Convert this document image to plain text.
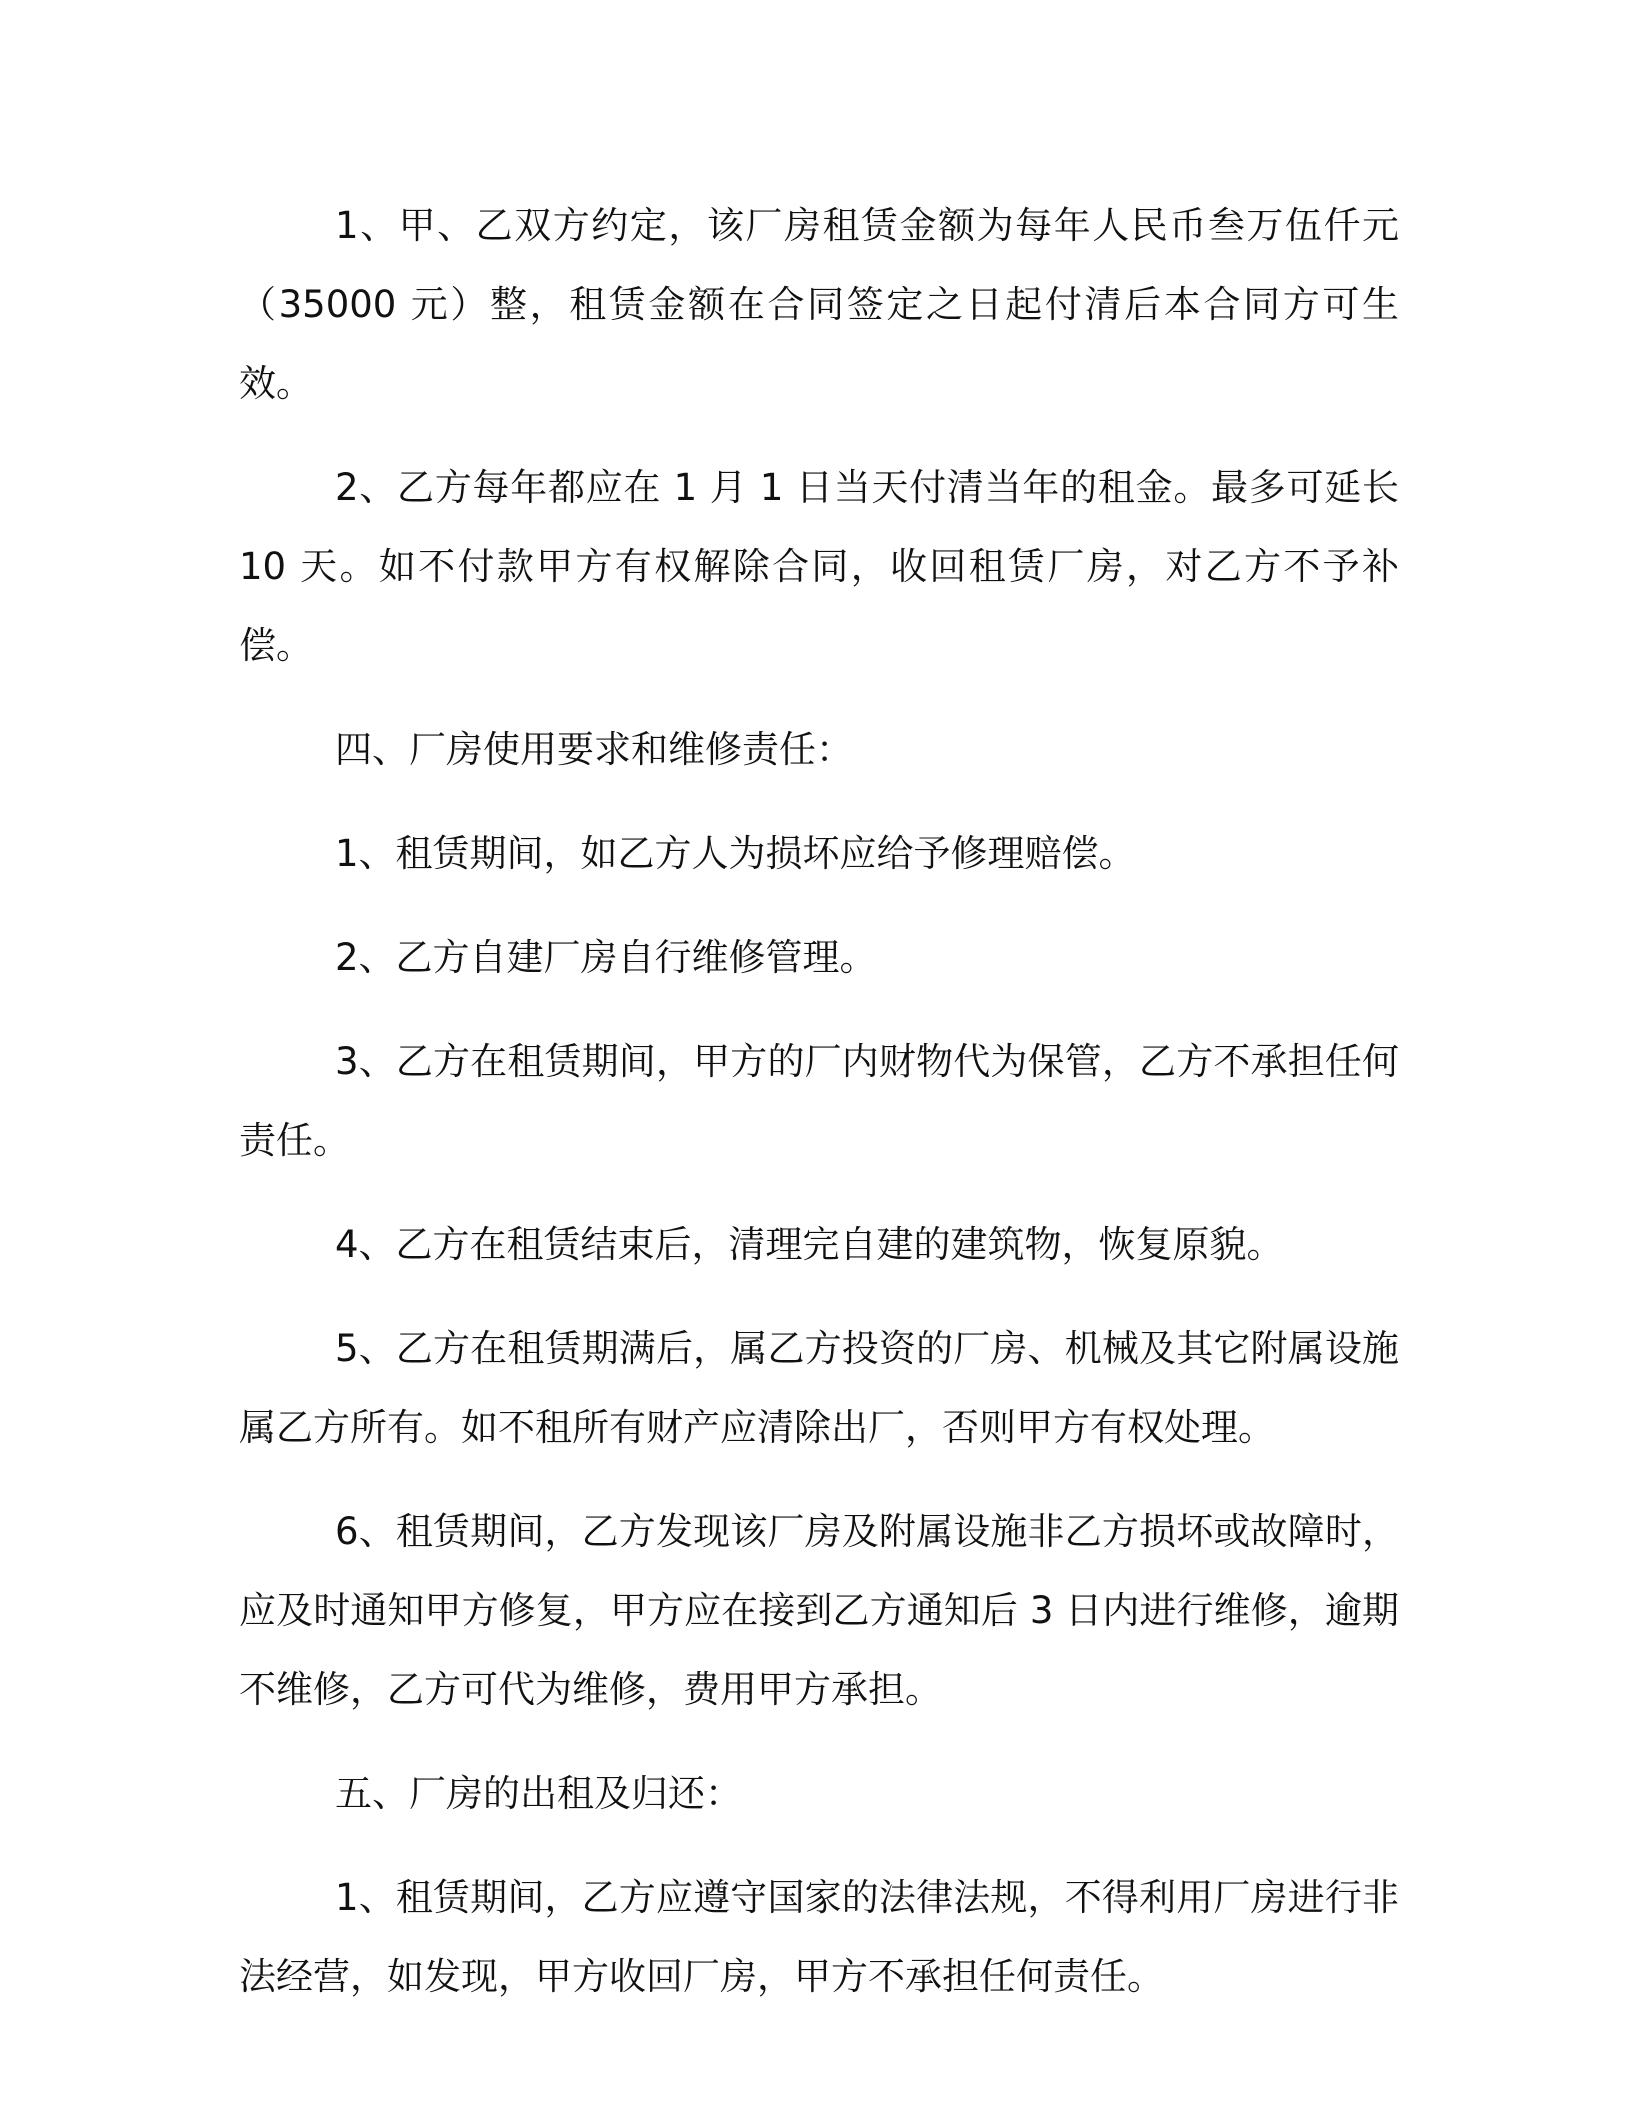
1、甲、乙双方约定，该厂房租赁金额为每年人民币叁万伍仟元（35000 元）整，租赁金额在合同签定之日起付清后本合同方可生效。

2、乙方每年都应在 1 月 1 日当天付清当年的租金。最多可延长 10 天。如不付款甲方有权解除合同，收回租赁厂房，对乙方不予补偿。

四、厂房使用要求和维修责任：

1、租赁期间，如乙方人为损坏应给予修理赔偿。

2、乙方自建厂房自行维修管理。

3、乙方在租赁期间，甲方的厂内财物代为保管，乙方不承担任何责任。

4、乙方在租赁结束后，清理完自建的建筑物，恢复原貌。

5、乙方在租赁期满后，属乙方投资的厂房、机械及其它附属设施属乙方所有。如不租所有财产应清除出厂，否则甲方有权处理。

6、租赁期间，乙方发现该厂房及附属设施非乙方损坏或故障时，应及时通知甲方修复，甲方应在接到乙方通知后 3 日内进行维修，逾期不维修，乙方可代为维修，费用甲方承担。

五、厂房的出租及归还：

1、租赁期间，乙方应遵守国家的法律法规，不得利用厂房进行非法经营，如发现，甲方收回厂房，甲方不承担任何责任。
